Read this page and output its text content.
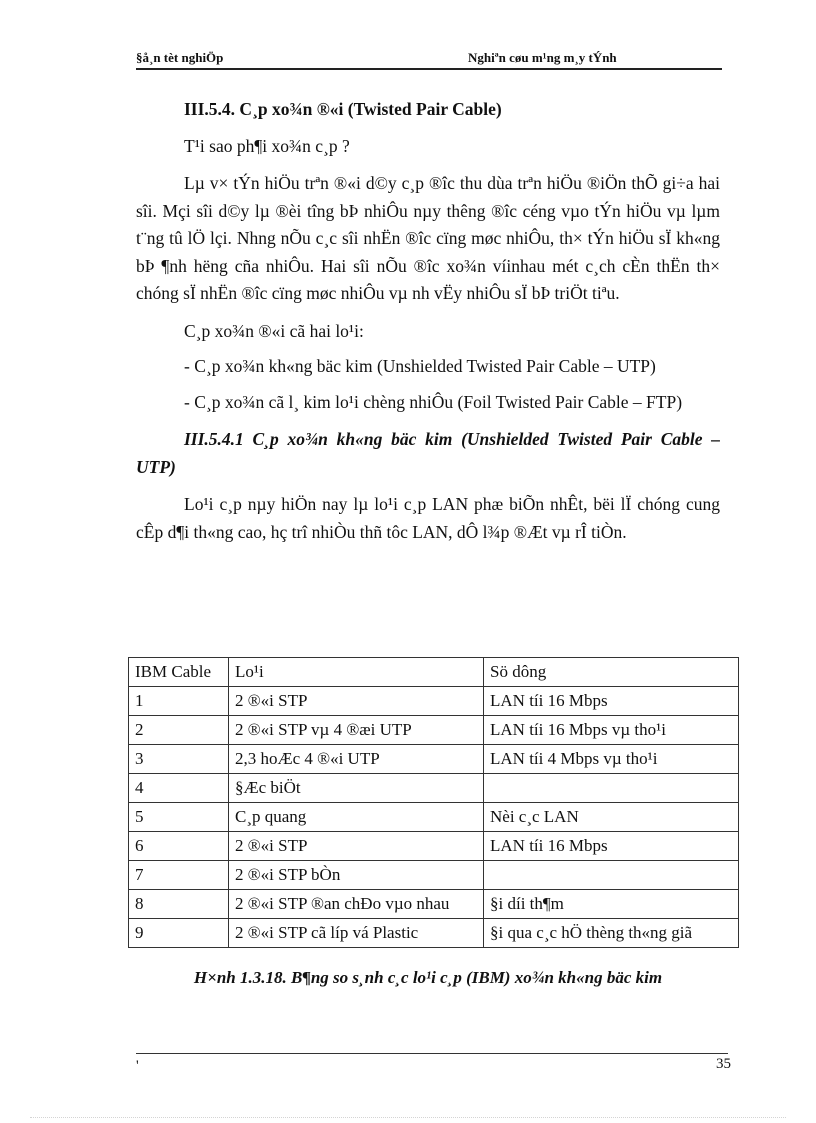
§å¸n tèt nghiÖp	Nghiªn cøu m¹ng m¸y tÝnh

III.5.4. C¸p xo¾n ®«i (Twisted Pair Cable)

T¹i sao ph¶i xo¾n c¸p ?

Lµ v× tÝn hiÖu trªn ®«i d©y c¸p ®îc thu dùa trªn hiÖu ®iÖn thÕ gi÷a hai sîi. Mçi sîi d©y lµ ®èi tîng bÞ nhiÔu nµy thêng ®îc céng vµo tÝn hiÖu vµ lµm t¨ng tû lÖ lçi. Nhng nÕu c¸c sîi nhËn ®îc cïng møc nhiÔu, th× tÝn hiÖu sÏ kh«ng bÞ ¶nh hëng cña nhiÔu. Hai sîi nÕu ®îc xo¾n víinhau mét c¸ch cÈn thËn th× chóng sÏ nhËn ®îc cïng møc nhiÔu vµ nh vËy nhiÔu sÏ bÞ triÖt tiªu.

C¸p xo¾n ®«i cã hai lo¹i:

- C¸p xo¾n kh«ng bäc kim (Unshielded Twisted Pair Cable – UTP)

- C¸p xo¾n cã l¸ kim lo¹i chèng nhiÔu (Foil Twisted Pair Cable – FTP)

III.5.4.1 C¸p xo¾n kh«ng bäc kim (Unshielded Twisted Pair Cable – UTP)

Lo¹i c¸p nµy hiÖn nay lµ lo¹i c¸p LAN phæ biÕn nhÊt, bëi lÏ chóng cung cÊp d¶i th«ng cao, hç trî nhiÒu thñ tôc LAN, dÔ l¾p ®Æt vµ rÎ tiÒn.

IBM Cable	Lo¹i	Sö dông
1	2 ®«i STP	LAN tíi 16 Mbps
2	2 ®«i STP vµ 4 ®æi UTP	LAN tíi 16 Mbps vµ tho¹i
3	2,3 hoÆc 4 ®«i UTP	LAN tíi 4 Mbps vµ tho¹i
4	§Æc biÖt	
5	C¸p quang	Nèi c¸c LAN
6	2 ®«i STP	LAN tíi 16 Mbps
7	2 ®«i STP bÒn	
8	2 ®«i STP ®an chÐo vµo nhau	§i díi th¶m
9	2 ®«i STP cã líp vá Plastic	§i qua c¸c hÖ thèng th«ng giã
H×nh 1.3.18. B¶ng so s¸nh c¸c lo¹i c¸p (IBM) xo¾n kh«ng bäc kim
'	35
